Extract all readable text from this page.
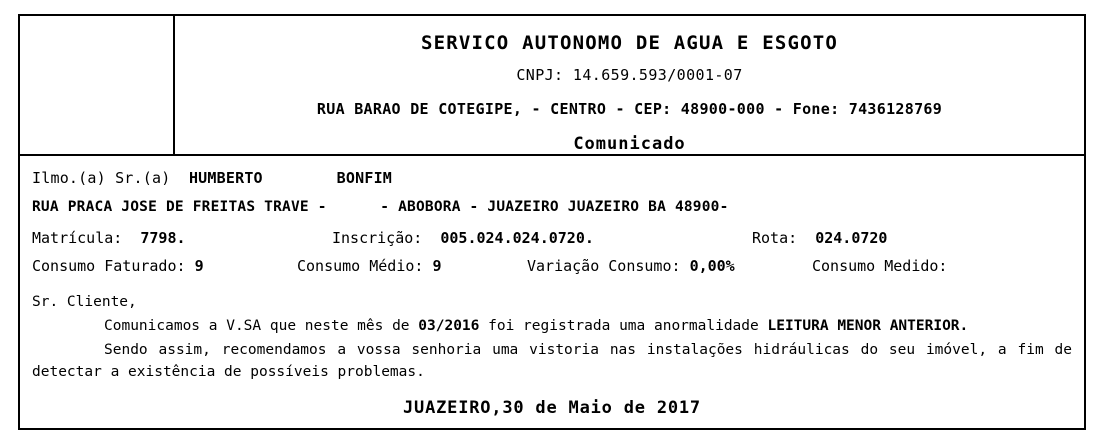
SERVICO AUTONOMO DE AGUA E ESGOTO
CNPJ: 14.659.593/0001-07
RUA BARAO DE COTEGIPE, - CENTRO - CEP: 48900-000 - Fone: 7436128769
Comunicado
Ilmo.(a) Sr.(a) HUMBERTO	BONFIM
RUA PRACA JOSE DE FREITAS TRAVE -      - ABOBORA - JUAZEIRO JUAZEIRO BA 48900-
Matrícula: 7798.	Inscrição: 005.024.024.0720.	Rota: 024.0720
Consumo Faturado: 9	Consumo Médio: 9	Variação Consumo: 0,00%	Consumo Medido:

Sr. Cliente,

Comunicamos a V.SA que neste mês de 03/2016 foi registrada uma anormalidade LEITURA MENOR ANTERIOR.

Sendo assim, recomendamos a vossa senhoria uma vistoria nas instalações hidráulicas do seu imóvel, a fim de detectar a existência de possíveis problemas.

JUAZEIRO,30 de Maio de 2017
